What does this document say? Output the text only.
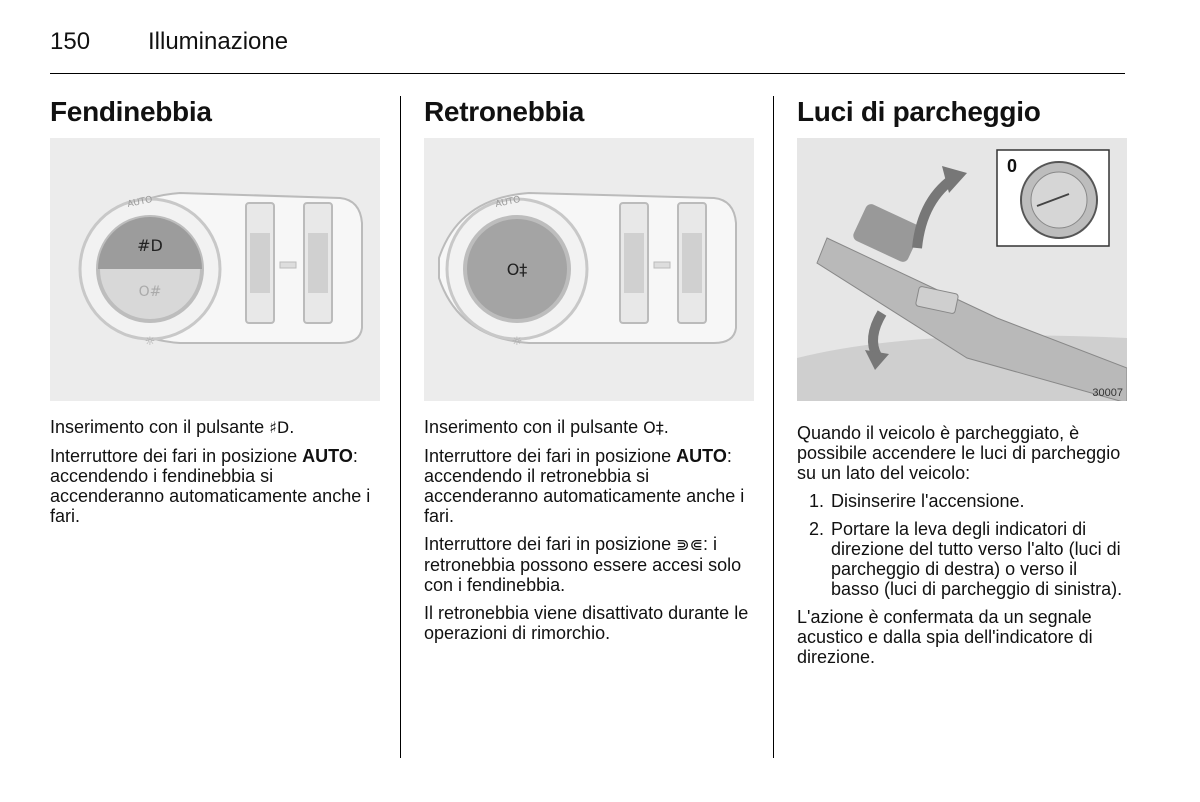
150 Illuminazione
Fendinebbia
#D
O#
AUTO
☼

Inserimento con il pulsante ♯D.

Interruttore dei fari in posizione AUTO: accendendo i fendinebbia si accenderanno automaticamente anche i fari.

Retronebbia
O‡
AUTO
☼

Inserimento con il pulsante O‡.

Interruttore dei fari in posizione AUTO: accendendo il retronebbia si accenderanno automaticamente anche i fari.

Interruttore dei fari in posizione ⋑⋐: i retronebbia possono essere accesi solo con i fendinebbia.

Il retronebbia viene disattivato durante le operazioni di rimorchio.

Luci di parcheggio
0
30007

Quando il veicolo è parcheggiato, è possibile accendere le luci di parcheggio su un lato del veicolo:

1. Disinserire l'accensione.
2. Portare la leva degli indicatori di direzione del tutto verso l'alto (luci di parcheggio di destra) o verso il basso (luci di parcheggio di sinistra).

L'azione è confermata da un segnale acustico e dalla spia dell'indicatore di direzione.
